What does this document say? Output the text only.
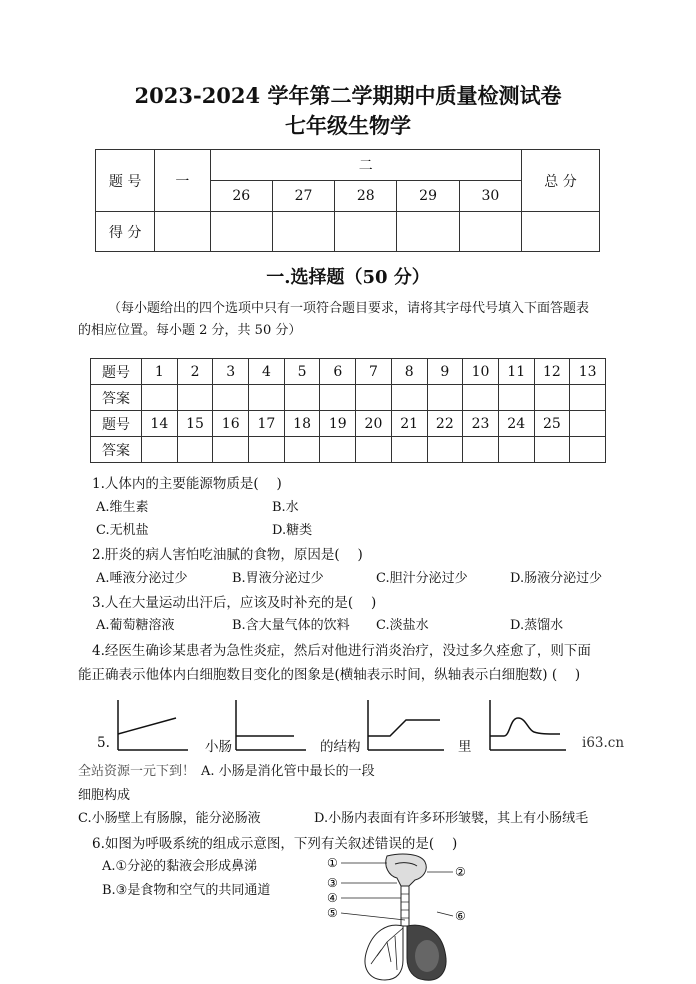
2023-2024 学年第二学期期中质量检测试卷
七年级生物学
题 号	一	二					总 分
		26	27	28	29	30	
得 分							
一.选择题（50 分）
（每小题给出的四个选项中只有一项符合题目要求，请将其字母代号填入下面答题表
的相应位置。每小题 2 分，共 50 分）
题号	1	2	3	4	5	6	7	8	9	10	11	12	13
答案													
题号	14	15	16	17	18	19	20	21	22	23	24	25	
答案													
1.人体内的主要能源物质是(　 )
A.维生素	B.水
C.无机盐	D.糖类
2.肝炎的病人害怕吃油腻的食物，原因是(　 )
A.唾液分泌过少	B.胃液分泌过少	C.胆汁分泌过少	D.肠液分泌过少
3.人在大量运动出汗后，应该及时补充的是(　 )
A.葡萄糖溶液	B.含大量气体的饮料 C.淡盐水	D.蒸馏水
4.经医生确诊某患者为急性炎症，然后对他进行消炎治疗，没过多久痊愈了，则下面
能正确表示他体内白细胞数目变化的图象是(横轴表示时间，纵轴表示白细胞数) (　 )
5.	小肠	的结构	里	i63.cn
全站资源一元下到！ A. 小肠是消化管中最长的一段
细胞构成
C.小肠壁上有肠腺，能分泌肠液	D.小肠内表面有许多环形皱襞，其上有小肠绒毛
6.如图为呼吸系统的组成示意图，下列有关叙述错误的是(　 )
A.①分泌的黏液会形成鼻涕
B.③是食物和空气的共同通道
①
②
③
④
⑤	⑥
